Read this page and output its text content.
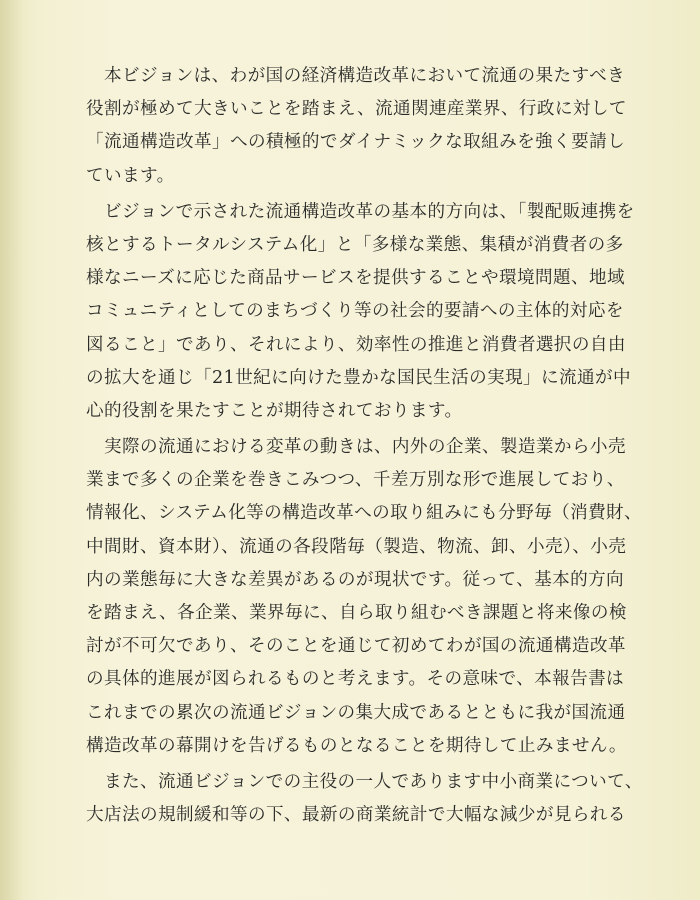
　本ビジョンは、わが国の経済構造改革において流通の果たすべき
役割が極めて大きいことを踏まえ、流通関連産業界、行政に対して
「流通構造改革」への積極的でダイナミックな取組みを強く要請し
ています。
　ビジョンで示された流通構造改革の基本的方向は、「製配販連携を
核とするトータルシステム化」と「多様な業態、集積が消費者の多
様なニーズに応じた商品サービスを提供することや環境問題、地域
コミュニティとしてのまちづくり等の社会的要請への主体的対応を
図ること」であり、それにより、効率性の推進と消費者選択の自由
の拡大を通じ「21世紀に向けた豊かな国民生活の実現」に流通が中
心的役割を果たすことが期待されております。
　実際の流通における変革の動きは、内外の企業、製造業から小売
業まで多くの企業を巻きこみつつ、千差万別な形で進展しており、
情報化、システム化等の構造改革への取り組みにも分野毎（消費財、
中間財、資本財）、流通の各段階毎（製造、物流、卸、小売）、小売
内の業態毎に大きな差異があるのが現状です。従って、基本的方向
を踏まえ、各企業、業界毎に、自ら取り組むべき課題と将来像の検
討が不可欠であり、そのことを通じて初めてわが国の流通構造改革
の具体的進展が図られるものと考えます。その意味で、本報告書は
これまでの累次の流通ビジョンの集大成であるとともに我が国流通
構造改革の幕開けを告げるものとなることを期待して止みません。
　また、流通ビジョンでの主役の一人であります中小商業について、
大店法の規制緩和等の下、最新の商業統計で大幅な減少が見られる
